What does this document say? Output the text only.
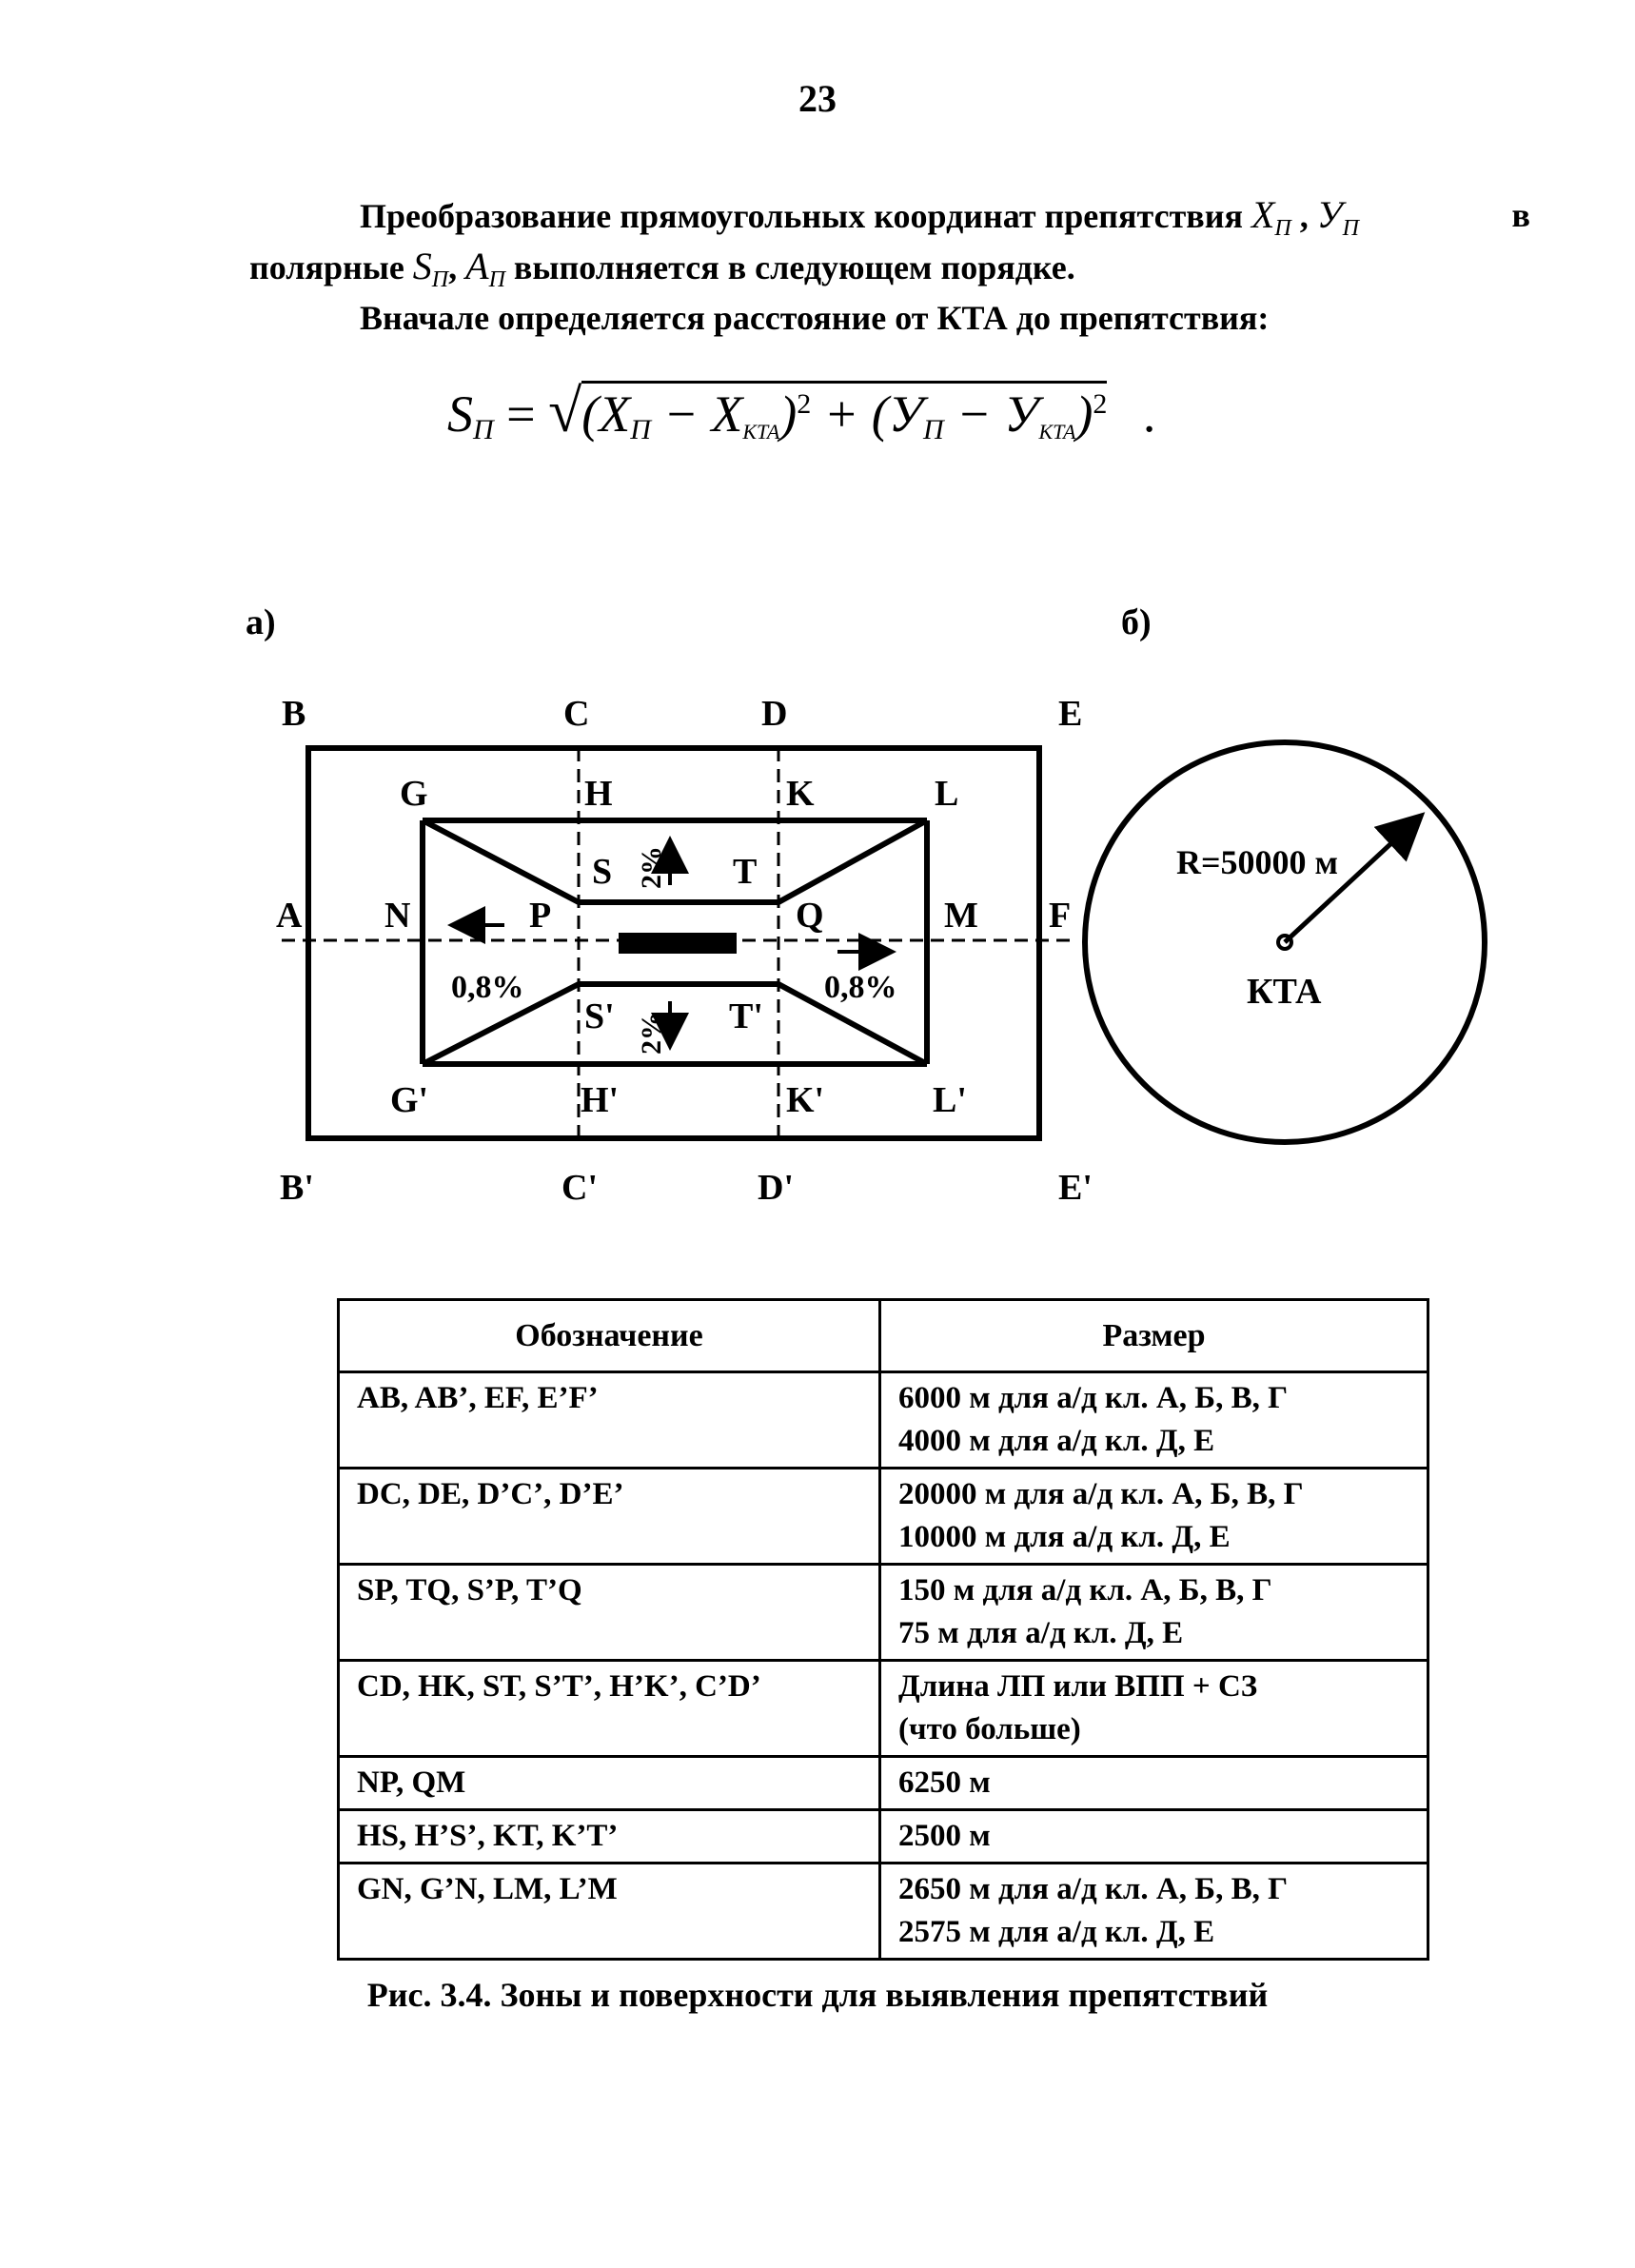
23
Преобразование прямоугольных координат препятствия $X_П$ , $У_П$	в
полярные $S_П$, $A_П$ выполняется в следующем порядке.
Вначале определяется расстояние от КТА до препятствия:
$S_П = √(X_П - X_{КТА})^2 + (У_П - У_{КТА})^2$ .
а)	б)
B	C	D	E
A	F
G	H	K	L
N	P	Q	M
S	T
S'	T'
G'	H'	K'	L'
B'	C'	D'	E'
0,8%	0,8%
2%
2%
R=50000 м
КТА
Обозначение	Размер
AB, AB’, EF, E’F’	6000 м для а/д кл. А, Б, В, Г
4000 м для а/д кл. Д, Е

DC, DE, D’C’, D’E’	20000 м для а/д кл. А, Б, В, Г
10000 м для а/д кл. Д, Е

SP, TQ, S’P, T’Q	150 м для а/д кл. А, Б, В, Г
75 м для а/д кл. Д, Е

CD, HK, ST, S’T’, H’K’, C’D’	Длина ЛП или ВПП + СЗ
(что больше)

NP, QM	6250 м

HS, H’S’, KT, K’T’	2500 м

GN, G’N, LM, L’M	2650 м для а/д кл. А, Б, В, Г
2575 м для а/д кл. Д, Е
Рис. 3.4. Зоны и поверхности для выявления препятствий
